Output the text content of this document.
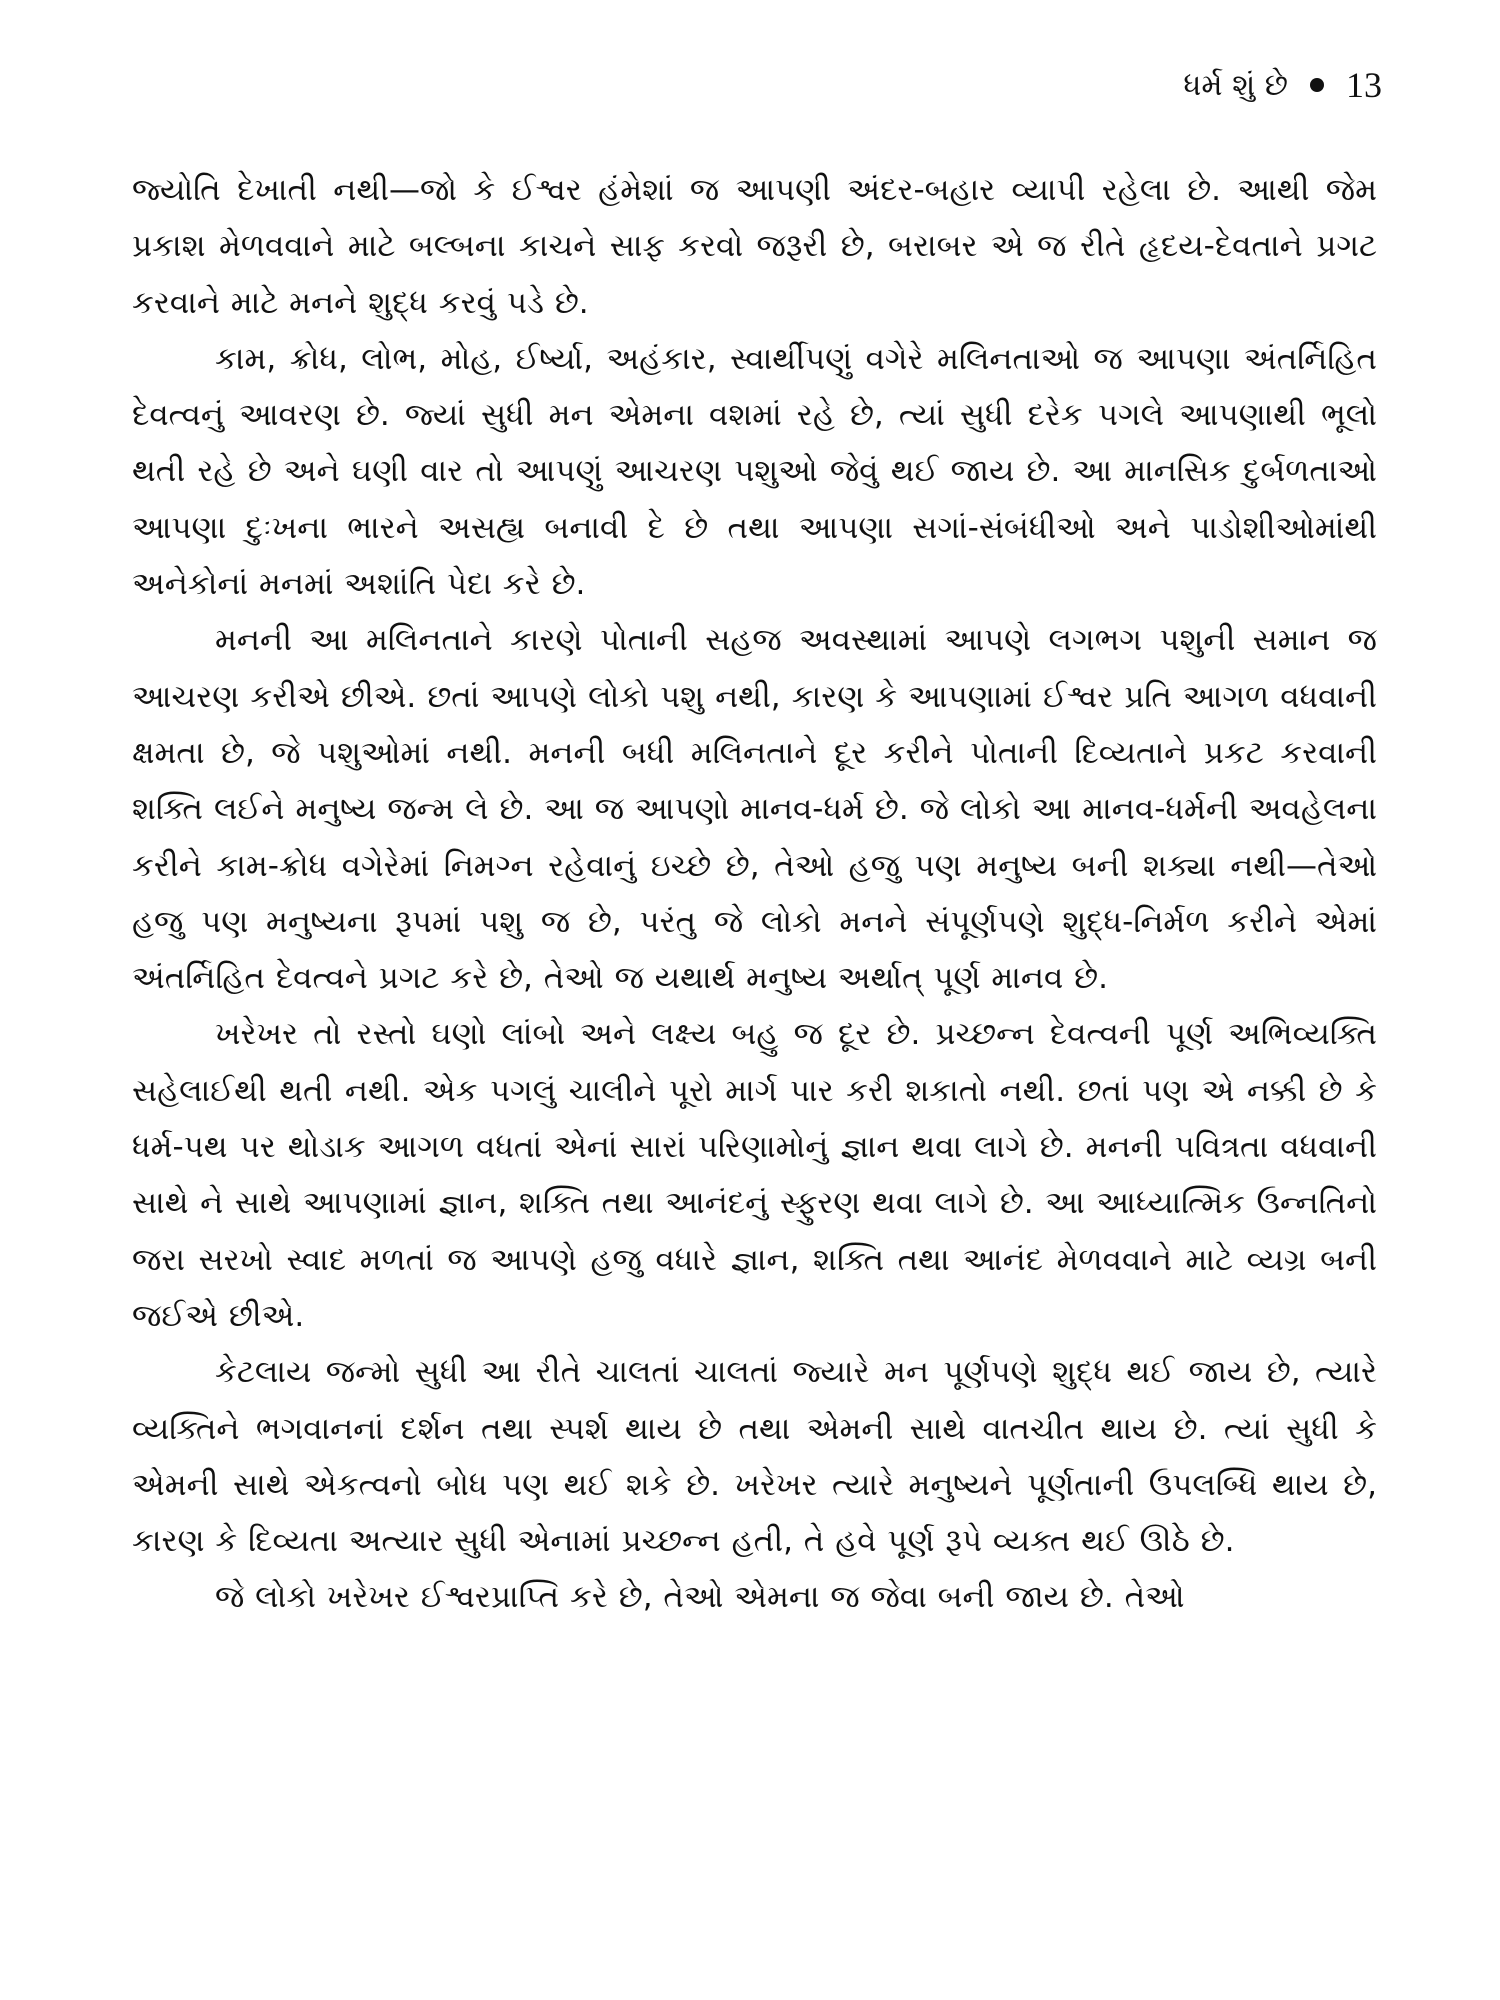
ધર્મ શું છે 13

જ્યોતિ દેખાતી નથી—જો કે ઈશ્વર હંમેશાં જ આપણી અંદર-બહાર વ્યાપી રહેલા છે. આથી જેમ પ્રકાશ મેળવવાને માટે બલ્બના કાચને સાફ કરવો જરૂરી છે, બરાબર એ જ રીતે હૃદય-દેવતાને પ્રગટ કરવાને માટે મનને શુદ્ધ કરવું પડે છે.

કામ, ક્રોધ, લોભ, મોહ, ઈર્ષ્યા, અહંકાર, સ્વાર્થીપણું વગેરે મલિનતાઓ જ આપણા અંતર્નિહિત દેવત્વનું આવરણ છે. જ્યાં સુધી મન એમના વશમાં રહે છે, ત્યાં સુધી દરેક પગલે આપણાથી ભૂલો થતી રહે છે અને ઘણી વાર તો આપણું આચરણ પશુઓ જેવું થઈ જાય છે. આ માનસિક દુર્બળતાઓ આપણા દુઃખના ભારને અસહ્ય બનાવી દે છે તથા આપણા સગાં-સંબંધીઓ અને પાડોશીઓમાંથી અનેકોનાં મનમાં અશાંતિ પેદા કરે છે.

મનની આ મલિનતાને કારણે પોતાની સહજ અવસ્થામાં આપણે લગભગ પશુની સમાન જ આચરણ કરીએ છીએ. છતાં આપણે લોકો પશુ નથી, કારણ કે આપણામાં ઈશ્વર પ્રતિ આગળ વધવાની ક્ષમતા છે, જે પશુઓમાં નથી. મનની બધી મલિનતાને દૂર કરીને પોતાની દિવ્યતાને પ્રકટ કરવાની શક્તિ લઈને મનુષ્ય જન્મ લે છે. આ જ આપણો માનવ-ધર્મ છે. જે લોકો આ માનવ-ધર્મની અવહેલના કરીને કામ-ક્રોધ વગેરેમાં નિમગ્ન રહેવાનું ઇચ્છે છે, તેઓ હજુ પણ મનુષ્ય બની શક્યા નથી—તેઓ હજુ પણ મનુષ્યના રૂપમાં પશુ જ છે, પરંતુ જે લોકો મનને સંપૂર્ણપણે શુદ્ધ-નિર્મળ કરીને એમાં અંતર્નિહિત દેવત્વને પ્રગટ કરે છે, તેઓ જ યથાર્થ મનુષ્ય અર્થાત્ પૂર્ણ માનવ છે.

ખરેખર તો રસ્તો ઘણો લાંબો અને લક્ષ્ય બહુ જ દૂર છે. પ્રચ્છન્ન દેવત્વની પૂર્ણ અભિવ્યક્તિ સહેલાઈથી થતી નથી. એક પગલું ચાલીને પૂરો માર્ગ પાર કરી શકાતો નથી. છતાં પણ એ નક્કી છે કે ધર્મ-પથ પર થોડાક આગળ વધતાં એનાં સારાં પરિણામોનું જ્ઞાન થવા લાગે છે. મનની પવિત્રતા વધવાની સાથે ને સાથે આપણામાં જ્ઞાન, શક્તિ તથા આનંદનું સ્ફુરણ થવા લાગે છે. આ આધ્યાત્મિક ઉન્નતિનો જરા સરખો સ્વાદ મળતાં જ આપણે હજુ વધારે જ્ઞાન, શક્તિ તથા આનંદ મેળવવાને માટે વ્યગ્ર બની જઈએ છીએ.

કેટલાય જન્મો સુધી આ રીતે ચાલતાં ચાલતાં જ્યારે મન પૂર્ણપણે શુદ્ધ થઈ જાય છે, ત્યારે વ્યક્તિને ભગવાનનાં દર્શન તથા સ્પર્શ થાય છે તથા એમની સાથે વાતચીત થાય છે. ત્યાં સુધી કે એમની સાથે એકત્વનો બોધ પણ થઈ શકે છે. ખરેખર ત્યારે મનુષ્યને પૂર્ણતાની ઉપલબ્ધિ થાય છે, કારણ કે દિવ્યતા અત્યાર સુધી એનામાં પ્રચ્છન્ન હતી, તે હવે પૂર્ણ રૂપે વ્યક્ત થઈ ઊઠે છે.

જે લોકો ખરેખર ઈશ્વરપ્રાપ્તિ કરે છે, તેઓ એમના જ જેવા બની જાય છે. તેઓ
